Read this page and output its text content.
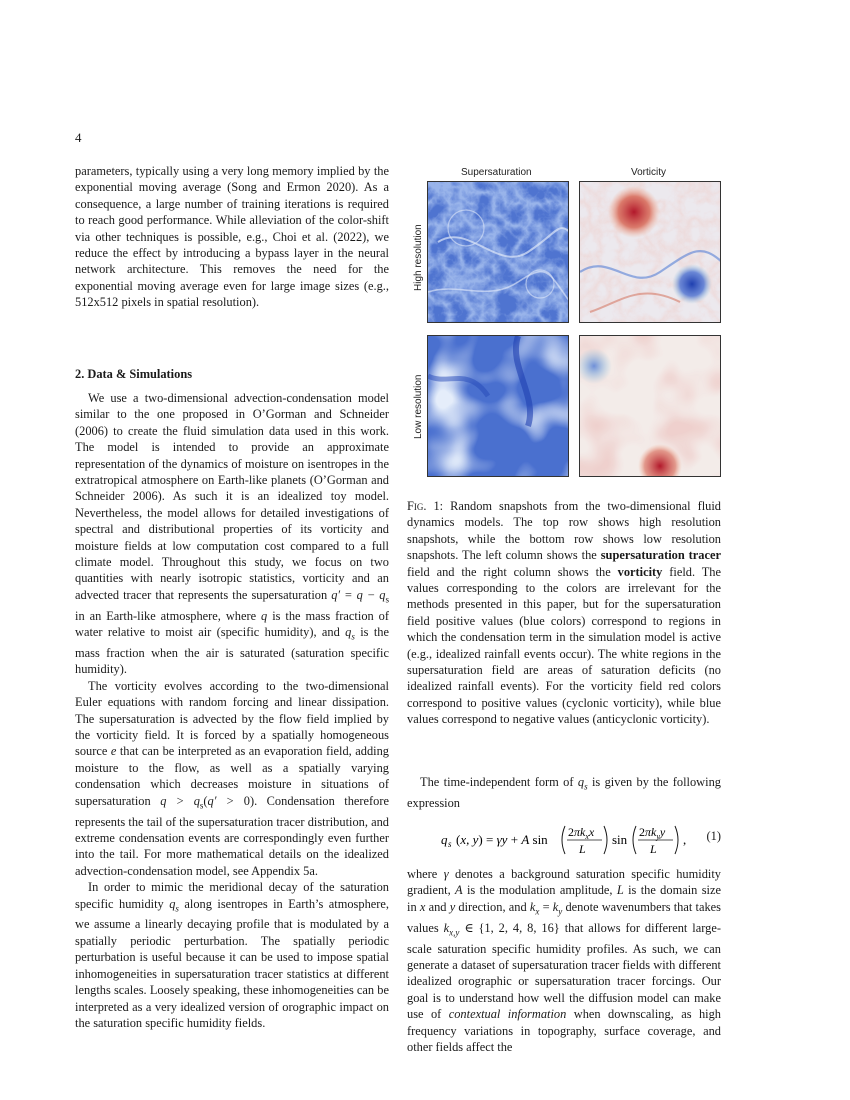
4

parameters, typically using a very long memory implied by the exponential moving average (Song and Ermon 2020). As a consequence, a large number of training iterations is required to reach good performance. While alleviation of the color-shift via other techniques is possible, e.g., Choi et al. (2022), we reduce the effect by introducing a bypass layer in the neural network architecture. This removes the need for the exponential moving average even for large image sizes (e.g., 512x512 pixels in spatial resolution).

2. Data & Simulations

We use a two-dimensional advection-condensation model similar to the one proposed in O’Gorman and Schneider (2006) to create the fluid simulation data used in this work. The model is intended to provide an approximate representation of the dynamics of moisture on isentropes in the extratropical atmosphere on Earth-like planets (O’Gorman and Schneider 2006). As such it is an idealized toy model. Nevertheless, the model allows for detailed investigations of spectral and distributional properties of its vorticity and moisture fields at low computation cost compared to a full climate model. Throughout this study, we focus on two quantities with nearly isotropic statistics, vorticity and an advected tracer that represents the supersaturation $q' = q - q_s$ in an Earth-like atmosphere, where q is the mass fraction of water relative to moist air (specific humidity), and $q_s$ is the mass fraction when the air is saturated (saturation specific humidity).

The vorticity evolves according to the two-dimensional Euler equations with random forcing and linear dissipation. The supersaturation is advected by the flow field implied by the vorticity field. It is forced by a spatially homogeneous source e that can be interpreted as an evaporation field, adding moisture to the flow, as well as a spatially varying condensation which decreases moisture in situations of supersaturation $q > q_s(q' > 0)$. Condensation therefore represents the tail of the supersaturation tracer distribution, and extreme condensation events are correspondingly even further into the tail. For more mathematical details on the idealized advection-condensation model, see Appendix 5a.

In order to mimic the meridional decay of the saturation specific humidity $q_s$ along isentropes in Earth’s atmosphere, we assume a linearly decaying profile that is modulated by a spatially periodic perturbation. The spatially periodic perturbation is useful because it can be used to impose spatial inhomogeneities in supersaturation tracer statistics at different lengths scales. Loosely speaking, these inhomogeneities can be interpreted as a very idealized version of orographic impact on the saturation specific humidity fields.

Supersaturation	Vorticity
High resolution
Low resolution
Fig. 1: Random snapshots from the two-dimensional fluid dynamics models. The top row shows high resolution snapshots, while the bottom row shows low resolution snapshots. The left column shows the supersaturation tracer field and the right column shows the vorticity field. The values corresponding to the colors are irrelevant for the methods presented in this paper, but for the supersaturation field positive values (blue colors) correspond to regions in which the condensation term in the simulation model is active (e.g., idealized rainfall events occur). The white regions in the supersaturation field are areas of saturation deficits (no idealized rainfall events). For the vorticity field red colors correspond to positive values (cyclonic vorticity), while blue values correspond to negative values (anticyclonic vorticity).

The time-independent form of $q_s$ is given by the following expression

q s (x, y) = γy + A $\sin 2\pi k_xx$
L
$\sin 2\pi k_yy$
L
, (1)

where γ denotes a background saturation specific humidity gradient, A is the modulation amplitude, L is the domain size in x and y direction, and $k_x = k_y$ denote wavenumbers that takes values $k_{x,y}$ ∈ {1, 2, 4, 8, 16} that allows for different large-scale saturation specific humidity profiles. As such, we can generate a dataset of supersaturation tracer fields with different idealized orographic or supersaturation tracer forcings. Our goal is to understand how well the diffusion model can make use of contextual information when downscaling, as high frequency variations in topography, surface coverage, and other fields affect the
